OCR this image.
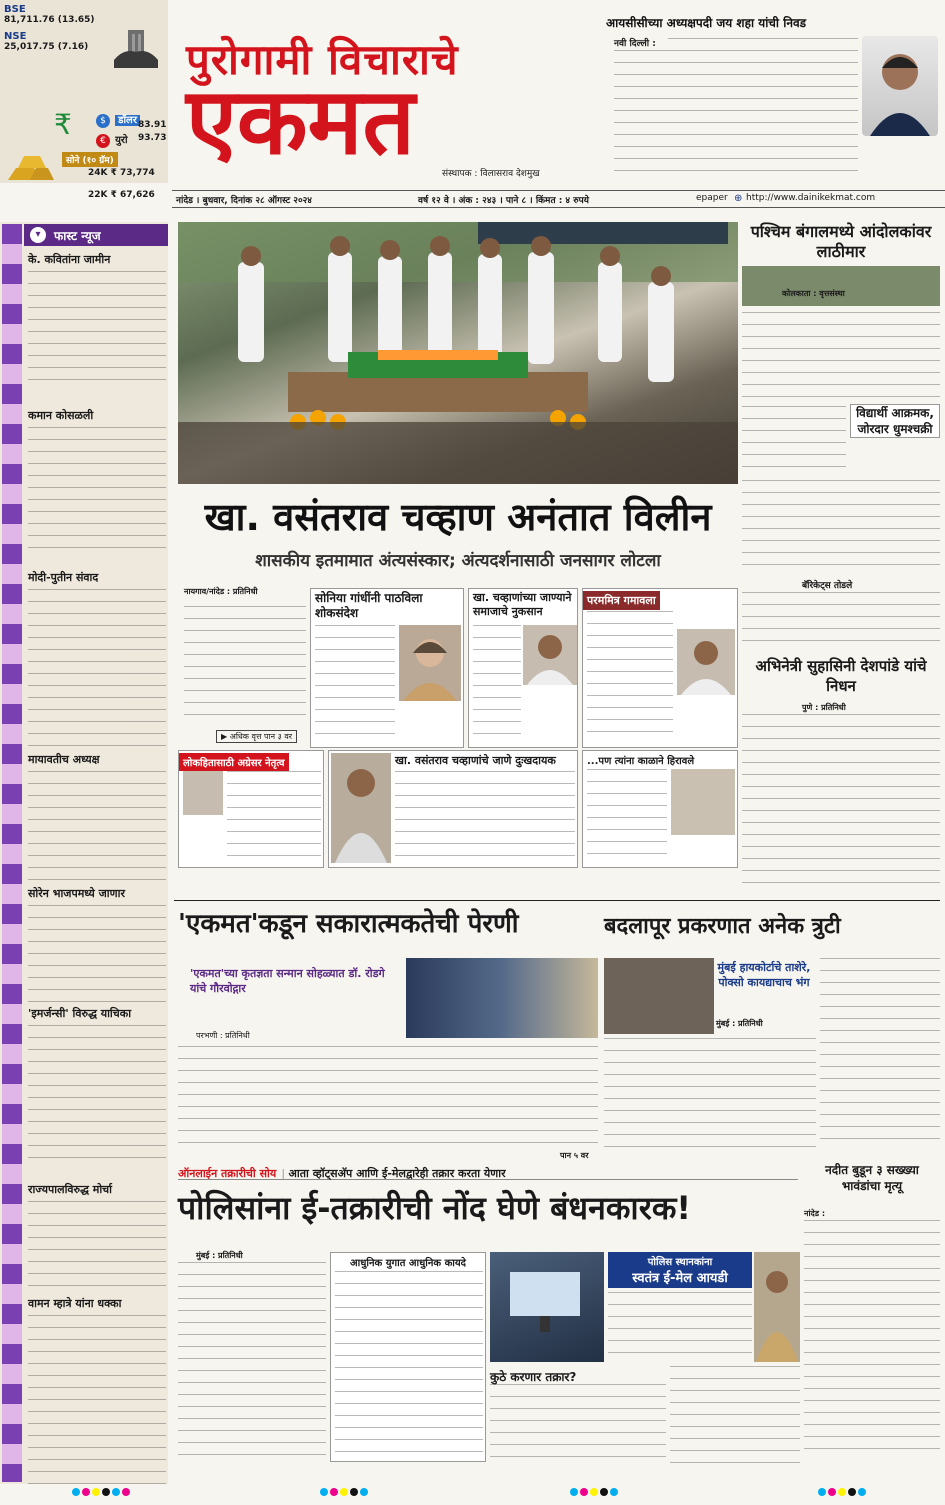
BSE
81,711.76 (13.65)
NSE
25,017.75 (7.16)
$ डॉलर 83.91
₹	€ युरो 93.73
सोने (१० ग्रॅम)
24K ₹ 73,774
22K ₹ 67,626
पुरोगामी विचाराचे
एकमत	संस्थापक : विलासराव देशमुख
आयसीसीच्या अध्यक्षपदी जय शहा यांची निवड
नवी दिल्ली :
नांदेड । बुधवार, दिनांक २८ ऑगस्ट २०२४	वर्ष १२ वे । अंक : २४३ । पाने ८ । किंमत : ४ रुपये	epaper ⊕ http://www.dainikekmat.com
▾	फास्ट न्यूज
के. कवितांना जामीन
कमान कोसळली
मोदी-पुतीन संवाद
मायावतीच अध्यक्ष
सोरेन भाजपमध्ये जाणार
'इमर्जन्सी' विरुद्ध याचिका
राज्यपालविरुद्ध मोर्चा
वामन म्हात्रे यांना धक्का
खा. वसंतराव चव्हाण अनंतात विलीन
शासकीय इतमामात अंत्यसंस्कार; अंत्यदर्शनासाठी जनसागर लोटला
नायगाव/नांदेड : प्रतिनिधी
▶ अधिक वृत्त पान ३ वर
सोनिया गांधींनी पाठविला शोकसंदेश
खा. चव्हाणांच्या जाण्याने समाजाचे नुकसान
परममित्र गमावला
लोकहितासाठी अग्रेसर नेतृत्व	खा. वसंतराव चव्हाणांचे जाणे दुःखदायक	...पण त्यांना काळाने हिरावले
पश्चिम बंगालमध्ये आंदोलकांवर लाठीमार
कोलकाता : वृत्तसंस्था
विद्यार्थी आक्रमक, जोरदार धुमश्चक्री
बॅरिकेट्स तोडले
अभिनेत्री सुहासिनी देशपांडे यांचे निधन
पुणे : प्रतिनिधी
'एकमत'कडून सकारात्मकतेची पेरणी
'एकमत'च्या कृतज्ञता सन्मान सोहळ्यात डॉ. रोडगे यांचे गौरवोद्गार
परभणी : प्रतिनिधी
पान ५ वर
बदलापूर प्रकरणात अनेक त्रुटी
मुंबई हायकोर्टाचे ताशेरे, पोक्सो कायद्याचाच भंग
मुंबई : प्रतिनिधी
ऑनलाईन तक्रारीची सोय | आता व्हॉट्सअ‍ॅप आणि ई-मेलद्वारेही तक्रार करता येणार
पोलिसांना ई-तक्रारीची नोंद घेणे बंधनकारक!
मुंबई : प्रतिनिधी
आधुनिक युगात आधुनिक कायदे	पोलिस स्थानकांना
स्वतंत्र ई-मेल आयडी
कुठे करणार तक्रार?
नदीत बुडून ३ सख्ख्या भावंडांचा मृत्यू
नांदेड :
